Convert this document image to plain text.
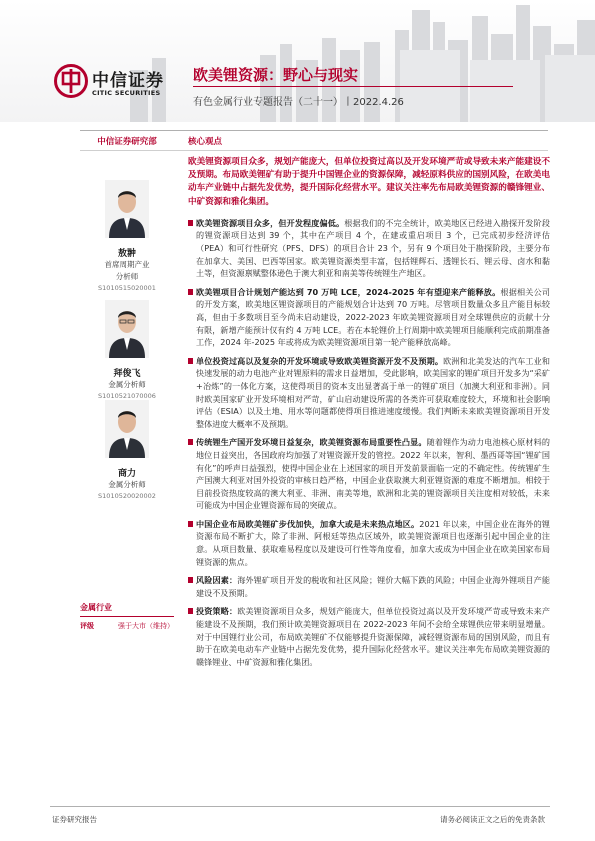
中信证券
CITIC SECURITIES
欧美锂资源：野心与现实
有色金属行业专题报告（二十一）丨2022.4.26
中信证券研究部	核心观点
敖翀
首席周期产业
分析师
S1010515020001
拜俊飞
金属分析师
S1010521070006
商力
金属分析师
S1010520020002
金属行业
评级	强于大市（维持）
欧美锂资源项目众多，规划产能庞大，但单位投资过高以及开发环境严苛或导致未来产能建设不及预期。布局欧美锂矿有助于提升中国锂企业的资源保障，减轻原料供应的国别风险，在欧美电动车产业链中占据先发优势，提升国际化经营水平。建议关注率先布局欧美锂资源的赣锋锂业、中矿资源和雅化集团。
欧美锂资源项目众多，但开发程度偏低。根据我们的不完全统计，欧美地区已经进入勘探开发阶段的锂资源项目达到 39 个，其中在产项目 4 个，在建或重启项目 3 个，已完成初步经济评估（PEA）和可行性研究（PFS、DFS）的项目合计 23 个，另有 9 个项目处于勘探阶段，主要分布在加拿大、美国、巴西等国家。欧美锂资源类型丰富，包括锂辉石、透锂长石、锂云母、卤水和黏土等，但资源禀赋整体逊色于澳大利亚和南美等传统锂生产地区。
欧美锂项目合计规划产能达到 70 万吨 LCE，2024-2025 年有望迎来产能释放。根据相关公司的开发方案，欧美地区锂资源项目的产能规划合计达到 70 万吨。尽管项目数量众多且产能目标较高，但由于多数项目至今尚未启动建设，2022-2023 年欧美锂资源项目对全球锂供应的贡献十分有限，新增产能预计仅有约 4 万吨 LCE。若在本轮锂价上行周期中欧美锂项目能顺利完成前期准备工作，2024 年-2025 年或将成为欧美锂资源项目第一轮产能释放高峰。
单位投资过高以及复杂的开发环境或导致欧美锂资源开发不及预期。欧洲和北美发达的汽车工业和快速发展的动力电池产业对锂原料的需求日益增加，受此影响，欧美国家的锂矿项目开发多为“采矿+冶炼”的一体化方案，这使得项目的资本支出显著高于单一的锂矿项目（加澳大利亚和非洲）。同时欧美国家矿业开发环境相对严苛，矿山启动建设所需的各类许可获取难度较大，环境和社会影响评估（ESIA）以及土地、用水等问题都使得项目推进速度缓慢。我们判断未来欧美锂资源项目开发整体进度大概率不及预期。
传统锂生产国开发环境日益复杂，欧美锂资源布局重要性凸显。随着锂作为动力电池核心原材料的地位日益突出，各国政府均加强了对锂资源开发的管控。2022 年以来，智利、墨西哥等国“锂矿国有化”的呼声日益强烈，使得中国企业在上述国家的项目开发前景面临一定的不确定性。传统锂矿生产国澳大利亚对国外投资的审核日趋严格，中国企业获取澳大利亚锂资源的难度不断增加。相较于目前投资热度较高的澳大利亚、非洲、南美等地，欧洲和北美的锂资源项目关注度相对较低，未来可能成为中国企业锂资源布局的突破点。
中国企业布局欧美锂矿步伐加快，加拿大或是未来热点地区。2021 年以来，中国企业在海外的锂资源布局不断扩大，除了非洲、阿根廷等热点区域外，欧美锂资源项目也逐渐引起中国企业的注意。从项目数量、获取难易程度以及建设可行性等角度看，加拿大或成为中国企业在欧美国家布局锂资源的焦点。
风险因素：海外锂矿项目开发的税收和社区风险；锂价大幅下跌的风险；中国企业海外锂项目产能建设不及预期。
投资策略：欧美锂资源项目众多，规划产能庞大，但单位投资过高以及开发环境严苛或导致未来产能建设不及预期，我们预计欧美锂资源项目在 2022-2023 年间不会给全球锂供应带来明显增量。对于中国锂行业公司，布局欧美锂矿不仅能够提升资源保障，减轻锂资源布局的国别风险，而且有助于在欧美电动车产业链中占据先发优势，提升国际化经营水平。建议关注率先布局欧美锂资源的赣锋锂业、中矿资源和雅化集团。
证券研究报告	请务必阅读正文之后的免责条款
